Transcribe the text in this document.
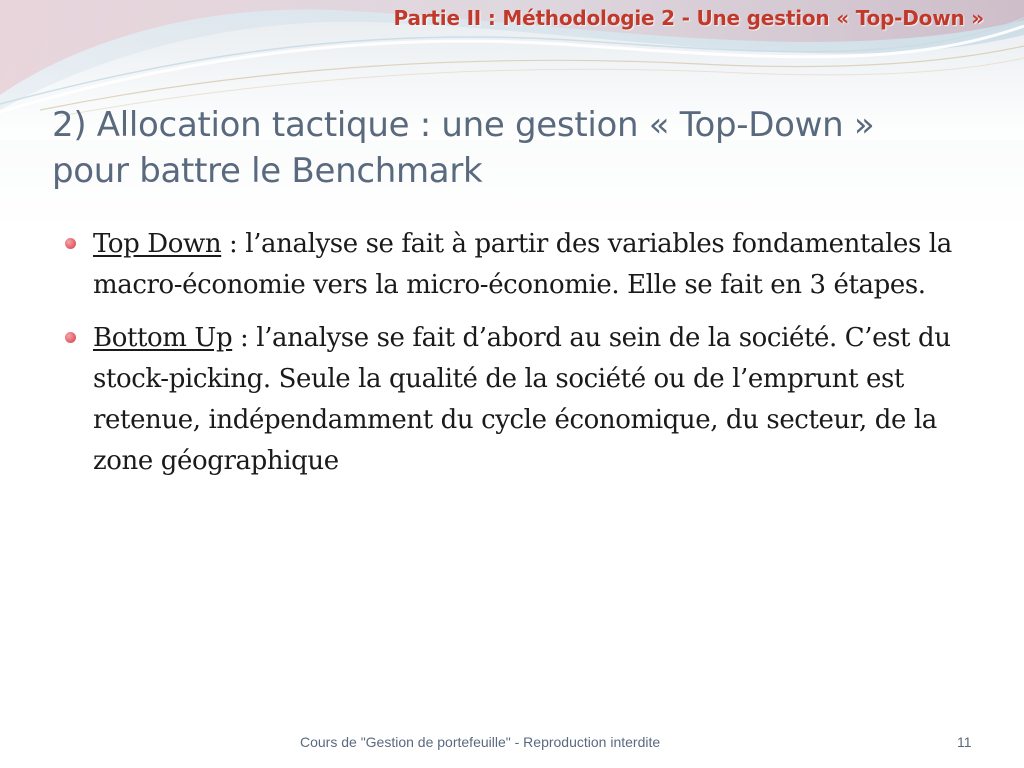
Partie II : Méthodologie 2 - Une gestion « Top-Down »
2) Allocation tactique : une gestion « Top-Down »
pour battre le Benchmark
Top Down : l’analyse se fait à partir des variables fondamentales la macro-économie vers la micro-économie. Elle se fait en 3 étapes.
Bottom Up : l’analyse se fait d’abord au sein de la société. C’est du stock-picking. Seule la qualité de la société ou de l’emprunt est retenue, indépendamment du cycle économique, du secteur, de la zone géographique
Cours de "Gestion de portefeuille" - Reproduction interdite	11
